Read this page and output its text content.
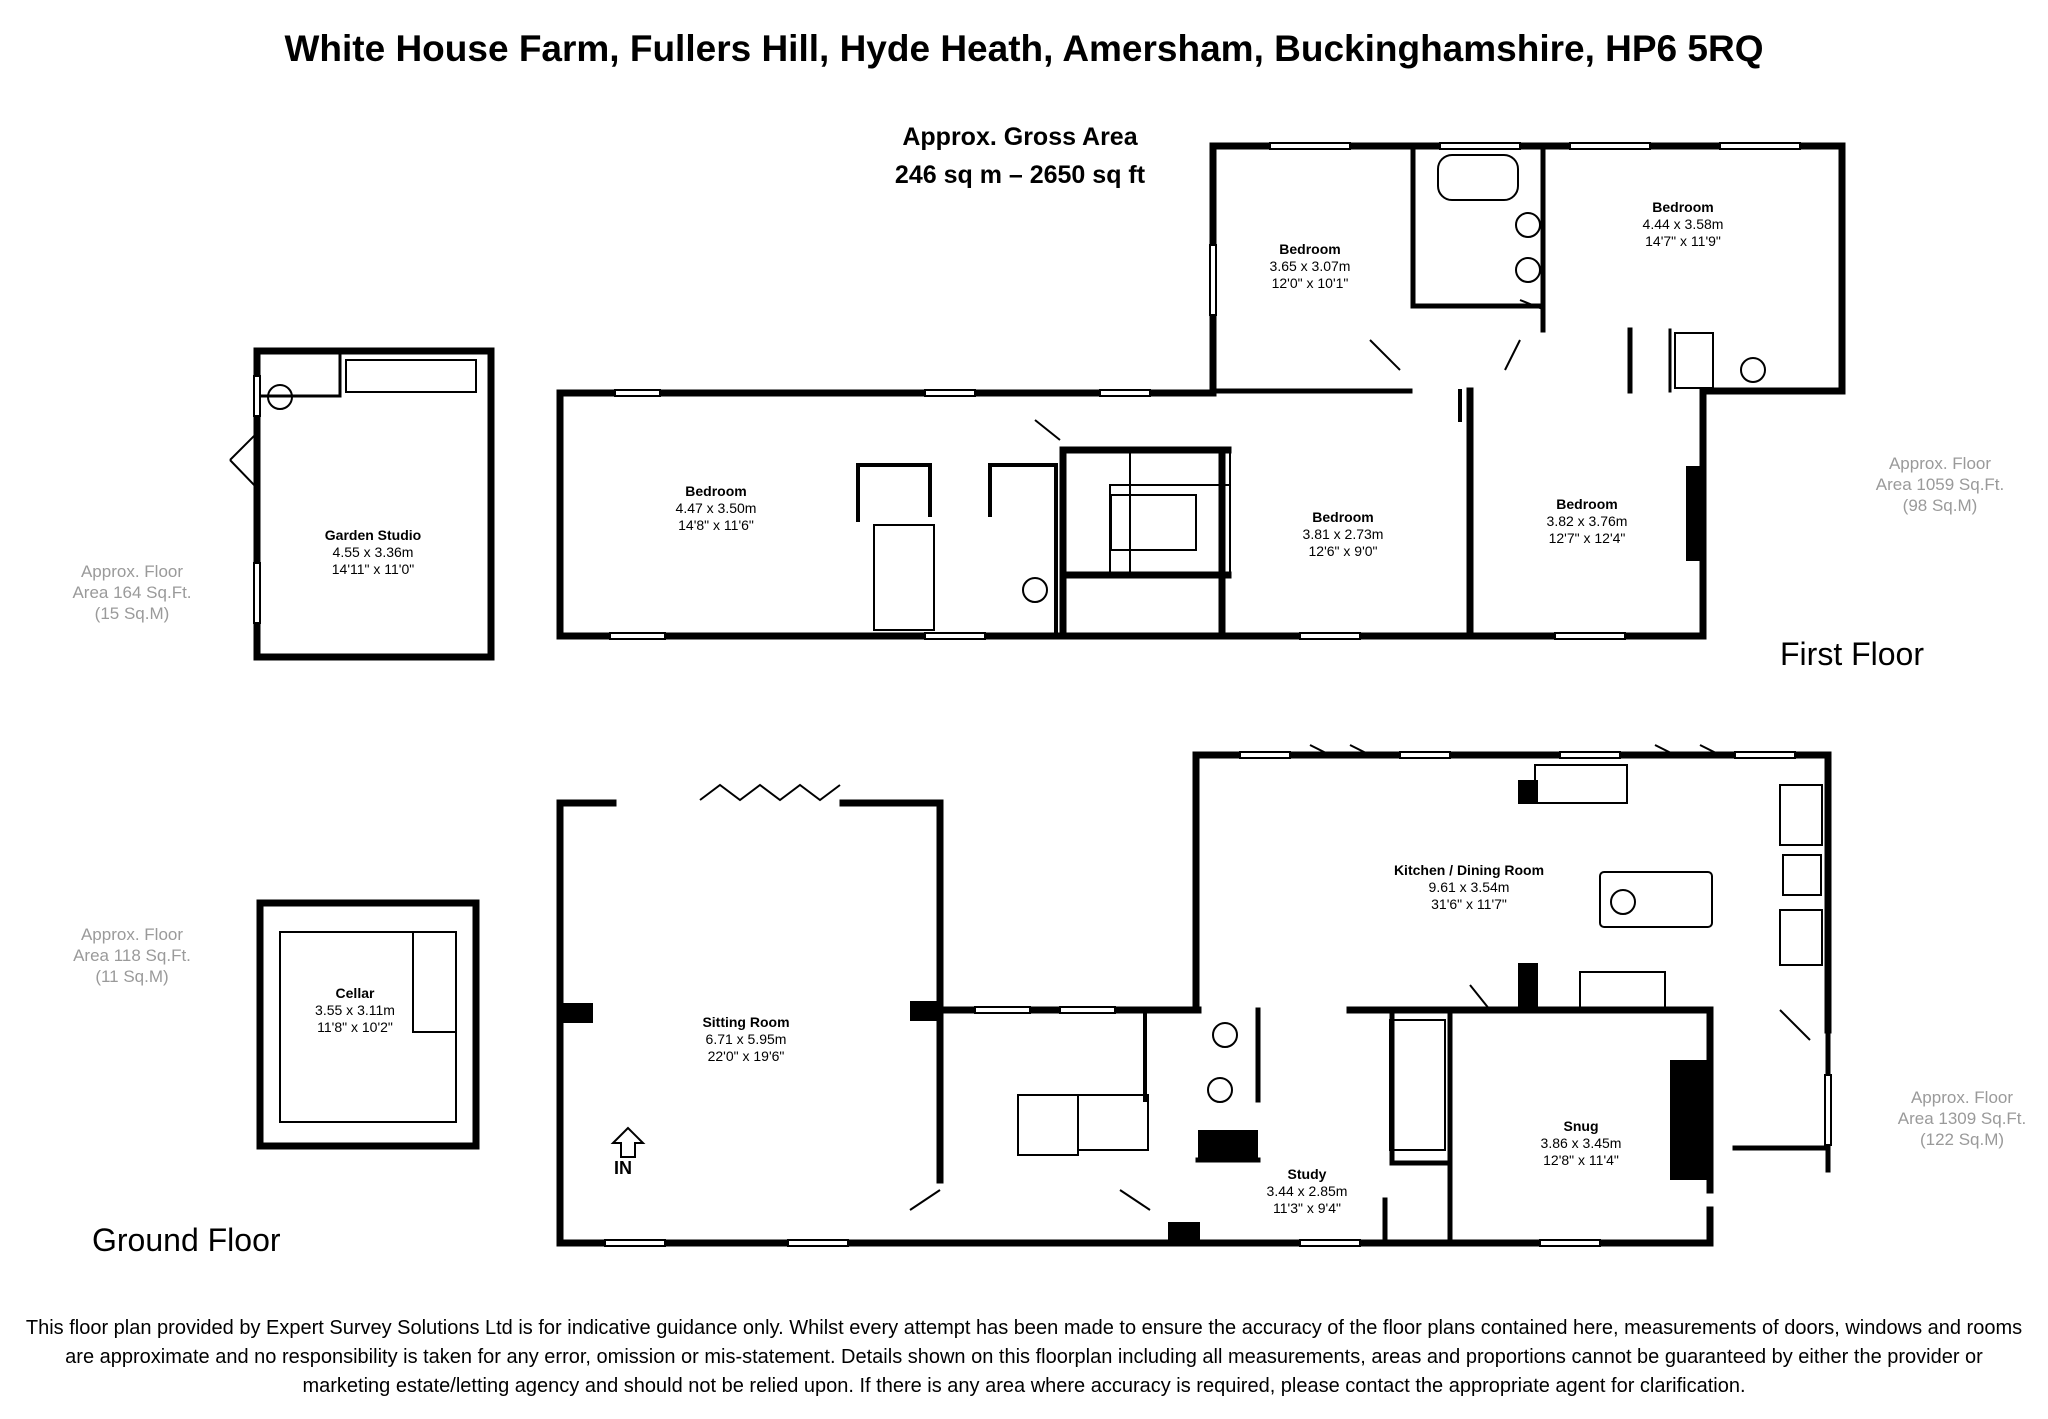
White House Farm, Fullers Hill, Hyde Heath, Amersham, Buckinghamshire, HP6 5RQ
Approx. Gross Area
246 sq m – 2650 sq ft
First Floor
Ground Floor
Approx. Floor
Area 1059 Sq.Ft.
(98 Sq.M)
Approx. Floor
Area 1309 Sq.Ft.
(122 Sq.M)
Approx. Floor
Area 164 Sq.Ft.
(15 Sq.M)
Approx. Floor
Area 118 Sq.Ft.
(11 Sq.M)
Garden Studio
4.55 x 3.36m
14'11" x 11'0"
Bedroom
4.47 x 3.50m
14'8" x 11'6"
Bedroom
3.65 x 3.07m
12'0" x 10'1"
Bedroom
4.44 x 3.58m
14'7" x 11'9"
Bedroom
3.81 x 2.73m
12'6" x 9'0"
Bedroom
3.82 x 3.76m
12'7" x 12'4"
Cellar
3.55 x 3.11m
11'8" x 10'2"	Sitting Room
6.71 x 5.95m
22'0" x 19'6"
Kitchen / Dining Room
9.61 x 3.54m
31'6" x 11'7"
Study
3.44 x 2.85m
11'3" x 9'4"
Snug
3.86 x 3.45m
12'8" x 11'4"
IN
This floor plan provided by Expert Survey Solutions Ltd is for indicative guidance only. Whilst every attempt has been made to ensure the accuracy of the floor plans contained here, measurements of doors, windows and rooms are approximate and no responsibility is taken for any error, omission or mis-statement. Details shown on this floorplan including all measurements, areas and proportions cannot be guaranteed by either the provider or marketing estate/letting agency and should not be relied upon. If there is any area where accuracy is required, please contact the appropriate agent for clarification.
